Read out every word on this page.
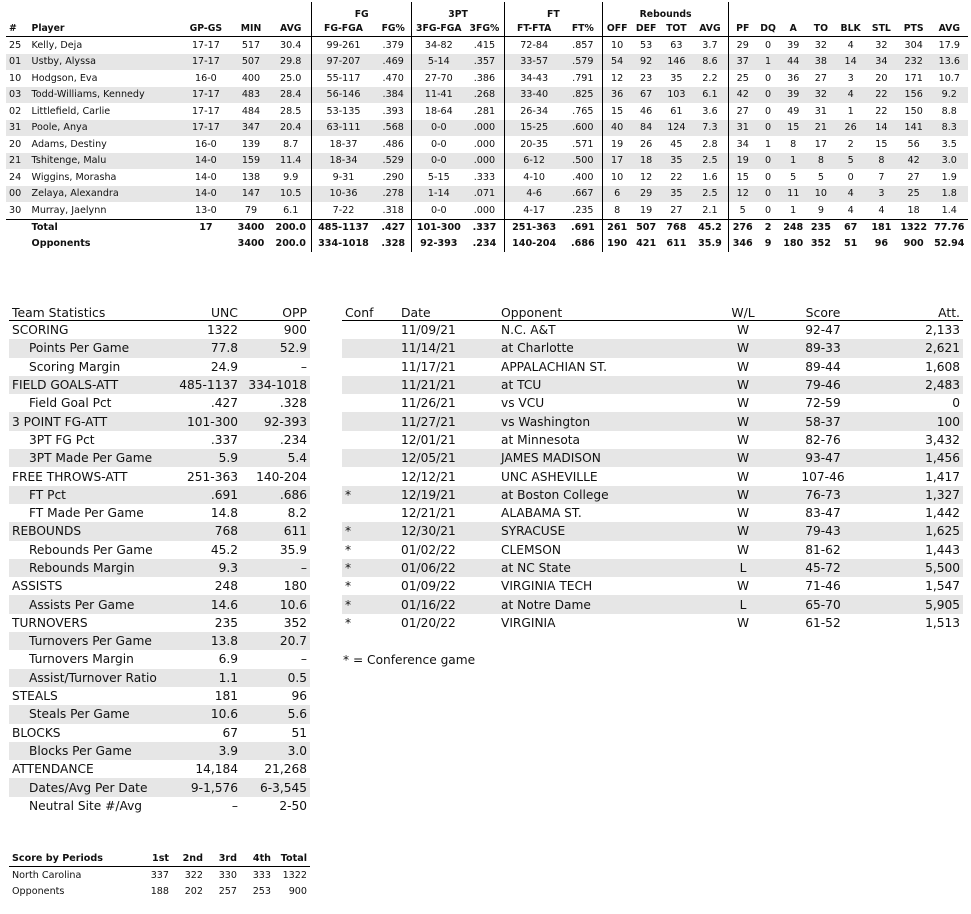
					FG		3PT		FT		Rebounds											
#	Player	GP-GS	MIN	AVG	FG-FGA	FG%	3FG-FGA	3FG%	FT-FTA	FT%	OFF	DEF	TOT	AVG	PF	DQ	A	TO	BLK	STL	PTS	AVG
25	Kelly, Deja	17-17	517	30.4	99-261	.379	34-82	.415	72-84	.857	10	53	63	3.7	29	0	39	32	4	32	304	17.9
01	Ustby, Alyssa	17-17	507	29.8	97-207	.469	5-14	.357	33-57	.579	54	92	146	8.6	37	1	44	38	14	34	232	13.6
10	Hodgson, Eva	16-0	400	25.0	55-117	.470	27-70	.386	34-43	.791	12	23	35	2.2	25	0	36	27	3	20	171	10.7
03	Todd-Williams, Kennedy	17-17	483	28.4	56-146	.384	11-41	.268	33-40	.825	36	67	103	6.1	42	0	39	32	4	22	156	9.2
02	Littlefield, Carlie	17-17	484	28.5	53-135	.393	18-64	.281	26-34	.765	15	46	61	3.6	27	0	49	31	1	22	150	8.8
31	Poole, Anya	17-17	347	20.4	63-111	.568	0-0	.000	15-25	.600	40	84	124	7.3	31	0	15	21	26	14	141	8.3
20	Adams, Destiny	16-0	139	8.7	18-37	.486	0-0	.000	20-35	.571	19	26	45	2.8	34	1	8	17	2	15	56	3.5
21	Tshitenge, Malu	14-0	159	11.4	18-34	.529	0-0	.000	6-12	.500	17	18	35	2.5	19	0	1	8	5	8	42	3.0
24	Wiggins, Morasha	14-0	138	9.9	9-31	.290	5-15	.333	4-10	.400	10	12	22	1.6	15	0	5	5	0	7	27	1.9
00	Zelaya, Alexandra	14-0	147	10.5	10-36	.278	1-14	.071	4-6	.667	6	29	35	2.5	12	0	11	10	4	3	25	1.8
30	Murray, Jaelynn	13-0	79	6.1	7-22	.318	0-0	.000	4-17	.235	8	19	27	2.1	5	0	1	9	4	4	18	1.4
	Total	17	3400	200.0	485-1137	.427	101-300	.337	251-363	.691	261	507	768	45.2	276	2	248	235	67	181	1322	77.76
	Opponents		3400	200.0	334-1018	.328	92-393	.234	140-204	.686	190	421	611	35.9	346	9	180	352	51	96	900	52.94
Team Statistics	UNC	OPP
SCORING	1322	900
Points Per Game	77.8	52.9
Scoring Margin	24.9	–
FIELD GOALS-ATT	485-1137	334-1018
Field Goal Pct	.427	.328
3 POINT FG-ATT	101-300	92-393
3PT FG Pct	.337	.234
3PT Made Per Game	5.9	5.4
FREE THROWS-ATT	251-363	140-204
FT Pct	.691	.686
FT Made Per Game	14.8	8.2
REBOUNDS	768	611
Rebounds Per Game	45.2	35.9
Rebounds Margin	9.3	–
ASSISTS	248	180
Assists Per Game	14.6	10.6
TURNOVERS	235	352
Turnovers Per Game	13.8	20.7
Turnovers Margin	6.9	–
Assist/Turnover Ratio	1.1	0.5
STEALS	181	96
Steals Per Game	10.6	5.6
BLOCKS	67	51
Blocks Per Game	3.9	3.0
ATTENDANCE	14,184	21,268
Dates/Avg Per Date	9-1,576	6-3,545
Neutral Site #/Avg	–	2-50
Conf	Date	Opponent	W/L	Score	Att.
	11/09/21	N.C. A&T	W	92-47	2,133
	11/14/21	at Charlotte	W	89-33	2,621
	11/17/21	APPALACHIAN ST.	W	89-44	1,608
	11/21/21	at TCU	W	79-46	2,483
	11/26/21	vs VCU	W	72-59	0
	11/27/21	vs Washington	W	58-37	100
	12/01/21	at Minnesota	W	82-76	3,432
	12/05/21	JAMES MADISON	W	93-47	1,456
	12/12/21	UNC ASHEVILLE	W	107-46	1,417
*	12/19/21	at Boston College	W	76-73	1,327
	12/21/21	ALABAMA ST.	W	83-47	1,442
*	12/30/21	SYRACUSE	W	79-43	1,625
*	01/02/22	CLEMSON	W	81-62	1,443
*	01/06/22	at NC State	L	45-72	5,500
*	01/09/22	VIRGINIA TECH	W	71-46	1,547
*	01/16/22	at Notre Dame	L	65-70	5,905
*	01/20/22	VIRGINIA	W	61-52	1,513
* = Conference game
Score by Periods	1st	2nd	3rd	4th	Total
North Carolina	337	322	330	333	1322
Opponents	188	202	257	253	900
